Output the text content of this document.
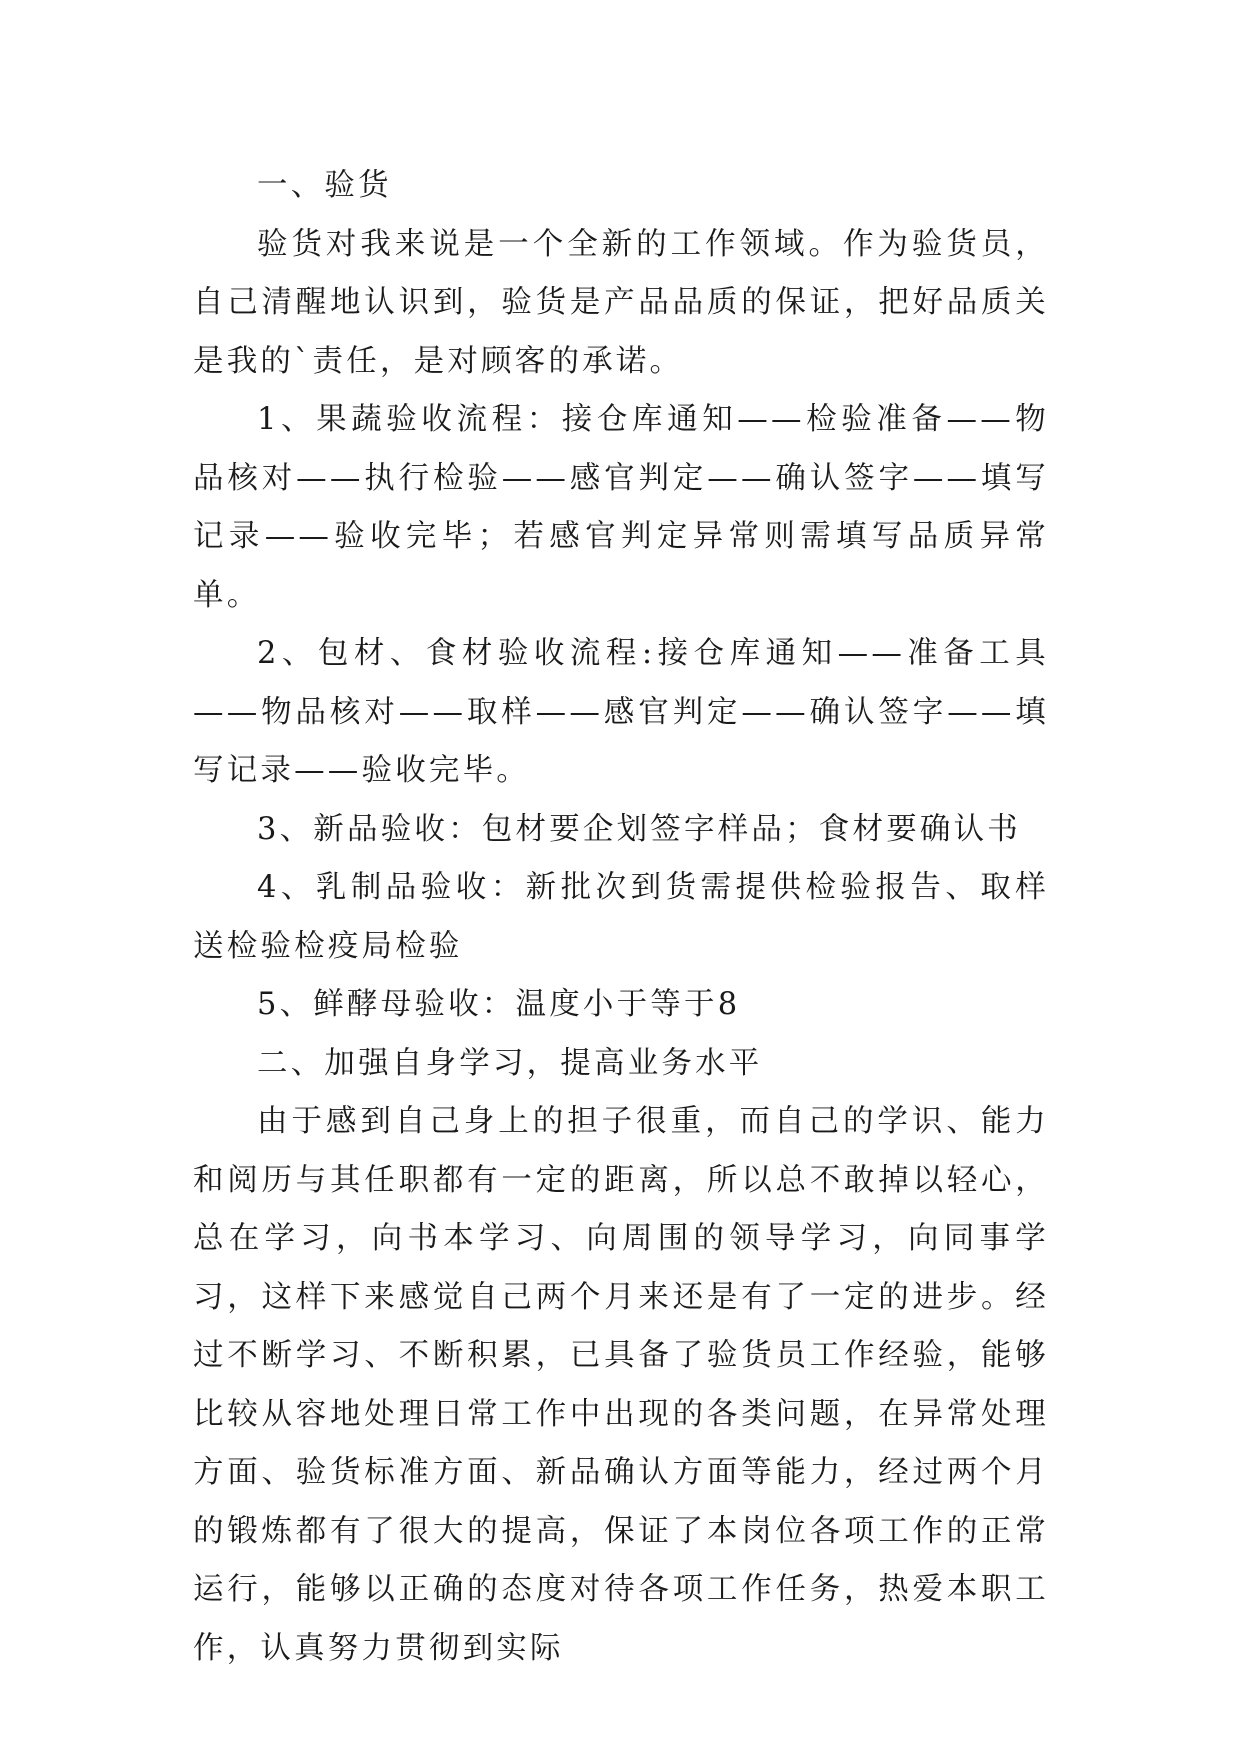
一、验货

验货对我来说是一个全新的工作领域。作为验货员，自己清醒地认识到，验货是产品品质的保证，把好品质关是我的`责任，是对顾客的承诺。

1、果蔬验收流程：接仓库通知——检验准备——物品核对——执行检验——感官判定——确认签字——填写记录——验收完毕；若感官判定异常则需填写品质异常单。

2、包材、食材验收流程:接仓库通知——准备工具——物品核对——取样——感官判定——确认签字——填写记录——验收完毕。

3、新品验收：包材要企划签字样品；食材要确认书

4、乳制品验收：新批次到货需提供检验报告、取样送检验检疫局检验

5、鲜酵母验收：温度小于等于8

二、加强自身学习，提高业务水平

由于感到自己身上的担子很重，而自己的学识、能力和阅历与其任职都有一定的距离，所以总不敢掉以轻心，总在学习，向书本学习、向周围的领导学习，向同事学习，这样下来感觉自己两个月来还是有了一定的进步。经过不断学习、不断积累，已具备了验货员工作经验，能够比较从容地处理日常工作中出现的各类问题，在异常处理方面、验货标准方面、新品确认方面等能力，经过两个月的锻炼都有了很大的提高，保证了本岗位各项工作的正常运行，能够以正确的态度对待各项工作任务，热爱本职工作，认真努力贯彻到实际
